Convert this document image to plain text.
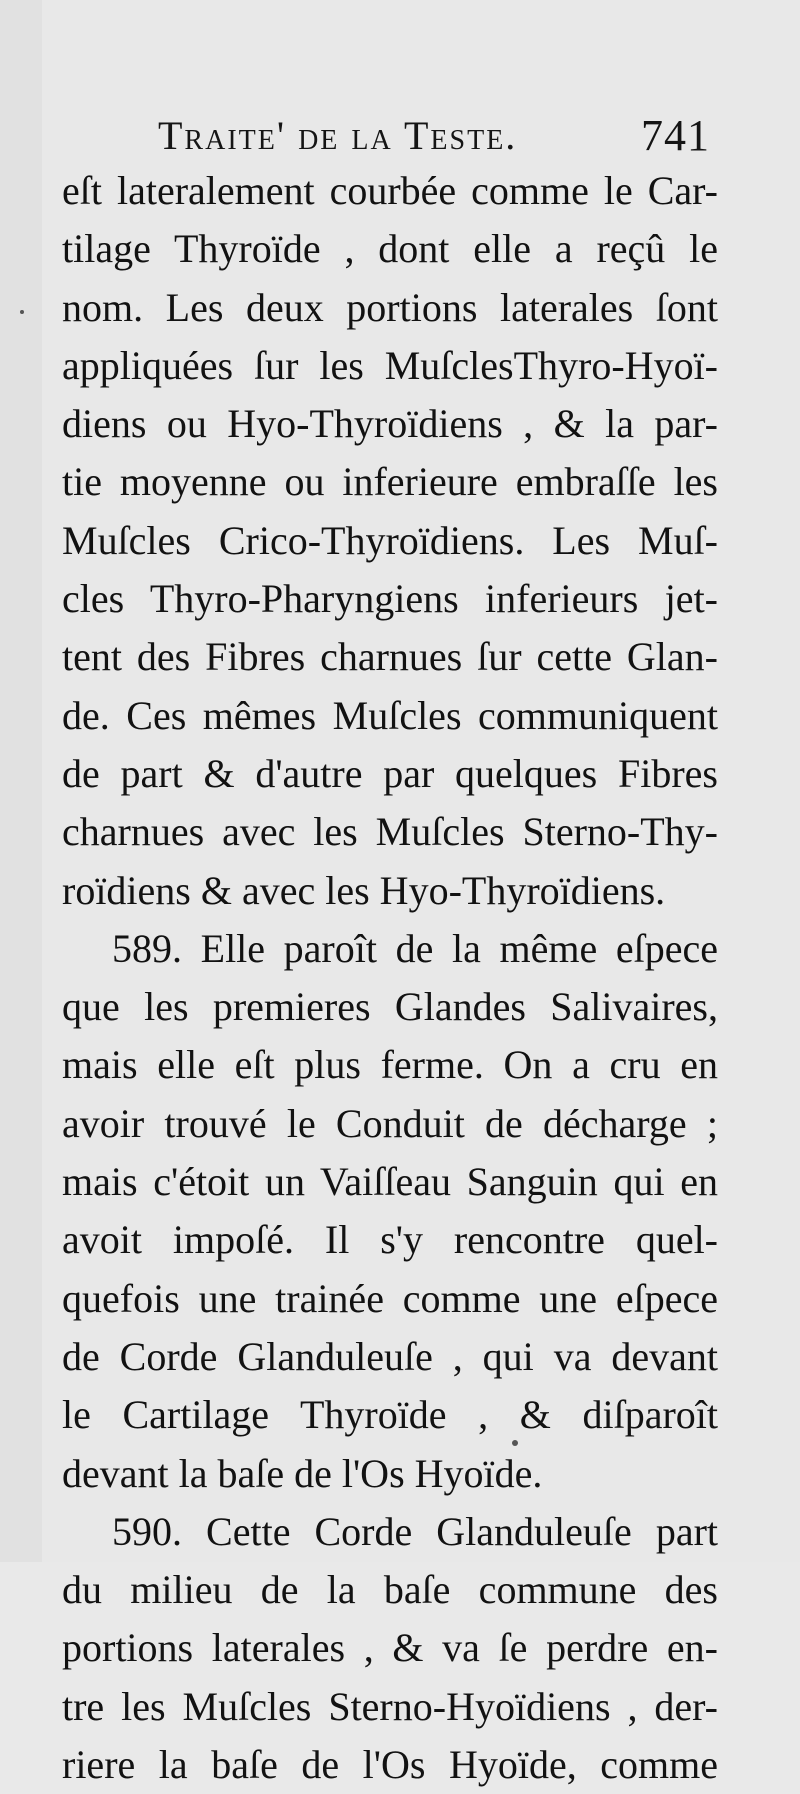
Traite' de la Teste.	741
eſt lateralement courbée comme le Car-
tilage Thyroïde , dont elle a reçû le
nom. Les deux portions laterales ſont
appliquées ſur les MuſclesThyro-Hyoï-
diens ou Hyo-Thyroïdiens , & la par-
tie moyenne ou inferieure embraſſe les
Muſcles Crico-Thyroïdiens. Les Muſ-
cles Thyro-Pharyngiens inferieurs jet-
tent des Fibres charnues ſur cette Glan-
de. Ces mêmes Muſcles communiquent
de part & d'autre par quelques Fibres
charnues avec les Muſcles Sterno-Thy-
roïdiens & avec les Hyo-Thyroïdiens.
589. Elle paroît de la même eſpece
que les premieres Glandes Salivaires,
mais elle eſt plus ferme. On a cru en
avoir trouvé le Conduit de décharge ;
mais c'étoit un Vaiſſeau Sanguin qui en
avoit impoſé. Il s'y rencontre quel-
quefois une trainée comme une eſpece
de Corde Glanduleuſe , qui va devant
le Cartilage Thyroïde , & diſparoît
devant la baſe de l'Os Hyoïde.
590. Cette Corde Glanduleuſe part
du milieu de la baſe commune des
portions laterales , & va ſe perdre en-
tre les Muſcles Sterno-Hyoïdiens , der-
riere la baſe de l'Os Hyoïde, comme
